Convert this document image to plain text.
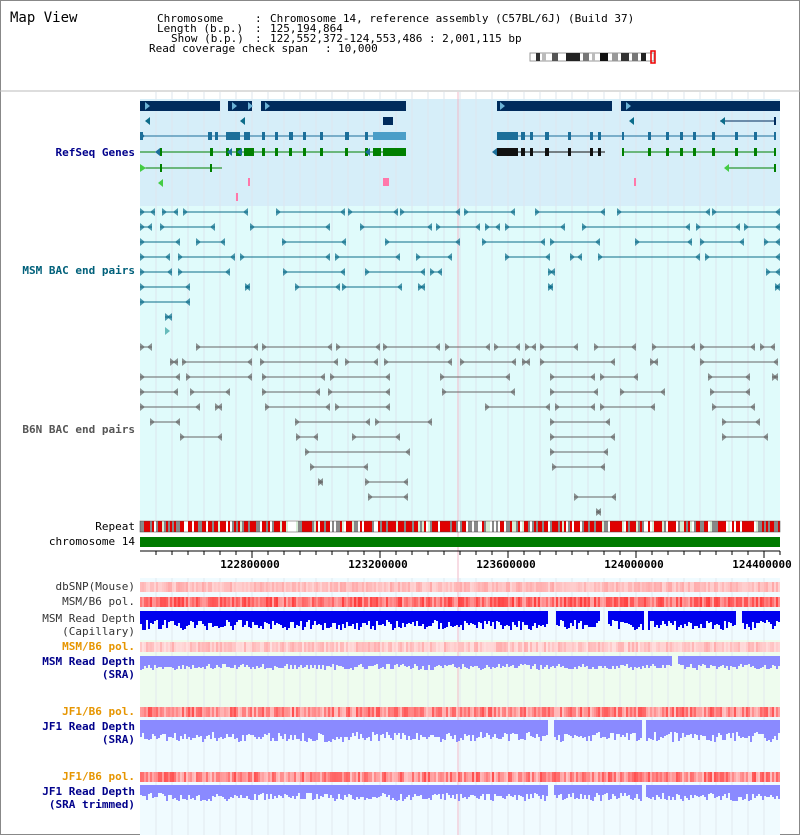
Map View	Chromosome	: Chromosome 14, reference assembly (C57BL/6J) (Build 37)
Length (b.p.) : 125,194,864
Show (b.p.) : 122,552,372-124,553,486 : 2,001,115 bp
Read coverage check span : 10,000
RefSeq Genes
MSM BAC end pairs
B6N BAC end pairs
Repeat
chromosome 14
122800000	123200000	123600000	124000000	124400000
dbSNP(Mouse)
MSM/B6 pol.
MSM Read Depth
(Capillary)
MSM/B6 pol.
MSM Read Depth
(SRA)
JF1/B6 pol.
JF1 Read Depth
(SRA)
JF1/B6 pol.
JF1 Read Depth
(SRA trimmed)
